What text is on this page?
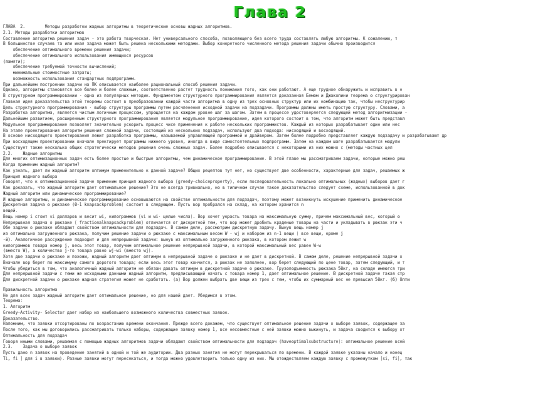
Глава 2
ГЛАВА  2.        Методы разработки жадных алгоритмы в теоретические основы жадных алгоритмов.
2.1. Методы разработки алгоритмов
Составление алгоритма решения задач - это работа творческая. Нет универсального способа, позволяющего без всего труда составлять любую алгоритмы. К сожалению, т
В большинстве случаев та или иная задача может быть решена несколькими методами. Выбор конкретного численного метода решения задачи обычно производится
обеспечение оптимального времени решения задачи;
обеспечение оптимального использования имеющихся ресурсов
(памяти);
обеспечение требуемой точности вычислений;
минимальные стоимостные затраты;
возможность использования стандартных подпрограмм.
При дальнейшем построении задачи на ПК описывается наиболее рациональный способ решения задачи.
Однако, алгоритмы становятся все более и более сложным, соответственно растет трудность понимания того, как они работают. А еще трудное обнаружить и исправить в н
В структурном программировании - одна из популярных методик. Фундаментом структурного программирования является доказанная Бемом и Джакопини теорема о структурирован
Главная идея доказательства этой теоремы состоит в преобразовании каждой части алгоритма в одну из трех основных структур или их комбинацию так, чтобы неструктурир
Цель структурного программирования - выбор структуры программы путем расчленения исходной задачи на подзадачи. Программы должны иметь простую структуру. Словами, а
Разработка алгоритма, является чистым логичным процессом, упрощается на каждом уровне шаг за шагом. Затем в процессе удостоверяется следующей метод алгоритмизации -
Дальнейшим развитием, расширенным структурного программирования является модульное программирование, идея которого состоит в том, что алгоритм может быть представл
Модульное программирование позволяет значительно ускорить процесс чисе применения к работе нескольких программистов. Каждый из которых разрабатывает один или нес
На этапе проектирования алгоритм решения сложной задачи, состоящий из нескольких подзадач, используют два подхода: нисходящий и восходящий.
В основе нисходящего проектирования лежит разработка программы, называемой управляющей программой и драйвером. Затем более подробно представляет каждую подзадачу и разрабатывают др
При восходящем проектировании вначале пректирует программы нижнего уровня, иногда в виде самостоятельных подпрограмм. Затем на каждом шаге разрабатывается модули
Существует также несколько общих стратегически методов решения очень сложных задач. Более подробно описывается с некоторыми из них можно с (методы частных цел
2.2.    Жадные алгоритмы
Для многих оптимизационных задач есть более простые и быстрые алгоритмы, чем динамическое программирование. В этой главе мы рассматриваем задачи, которые можно реш
Когда применим жадный алгоритм?
Как узнать, дает ли жадный алгоритм оптимум применительно к данной задаче? Общих рецептов тут нет, но существует две особенности, характерные для задач, решаемых ж
Принцип жадного выбора
Говорят, что к оптимизационной задаче применим принцип жадного выбора (greedy-choiceproperty), если последовательность локально оптимальных (жадных) выборов дает г
Как доказать, что жадный алгоритм дает оптимальное решение? Это не всегда тривиально, но в типичном случае такое доказательство следует схеме, использованной в док
Жадный алгоритм или динамическое программирование?
И жадные алгоритмы, и динамическое программирование основываются на свойстве оптимальности для подзадач, поэтому может возникнуть искушение применить динамическое
Дискретная задача о рюкзаке (0-1 knapsackproblem) состоит в следующем. Пусть вор пробрался на склад, на котором хранится n
вещей.
Вещь номер i стоит vi долларов и весит wi, килограммов (vi и wi- целые числа). Вор хочет украсть товара на максимальную сумму, причем максимальный вес, который о
Непрерывная задача о рюкзаке ( fractionalknapsackproblem) отличается от дискретной тем, что вор может дробить краденые товары на части и укладывать в рюкзак эти ч
Обе задачи о рюкзаке обладают свойством оптимальности для подзадач. В самом деле, рассмотрим дискретную задачу. Вынув вещь номер j
из оптимально загруженного рюкзака, получим решение задачи о рюкзаке с максимальным весом W - wj и набором из n-1 вещи ( все вещи, кроме j
-й). Аналогичное рассуждение подходит и для непрерывной задачи: вынув из оптимально загруженного рюкзака, в котором лежит w
килограммов товара номер j, весь этот товар, получим оптимальное решение непрерывной задачи, в которой максимальный вес равен W-w
(вместо W), а количество j-то товара равно wj-wi (вместо wj).
Хотя две задачи о рюкзаке и похожи, жадный алгоритм дает оптимум в непрерывной задаче о рюкзаке и не дает в дискретной. В самом деле, решение непрерывной задачи о
Вначале вор берет по максимуму самого дорогого товара; если весь этот товар кончится, а рюкзак не заполнен, вор берет следующий по цене товар, затем следующий, и т
Чтобы убедиться в том, что аналогичный жадный алгоритм не обязан давать оптимум в дискретной задаче о рюкзаке. Грузоподъемность рюкзака 50кг, на складе имеются три
Для непрерывной задачи с теми же исходными данными жадный алгоритм, предписывающий начать с товара номер 1, дает оптимальное решение. В дискретной задаче такая стр
Для дискретной задачи о рюкзаке жадная стратегия может не сработать. (а) Вор должен выбрать две вещи из трех с тем, чтобы их суммарный вес не превысил 50кг. (б) Опти
Правильность алгоритма
Не для всех задач жадный алгоритм дает оптимальное решение, но для нашей дает. Убедимся в этом.
Теорема:
1. Алгоритм
Greedy-Activity- Selector дает набор из наибольшего возможного количества совместных заявок.
Доказательство.
Напомним, что заявки отсортированы по возрастанию времени окончания. Прежде всего докажем, что существует оптимальное решение задачи о выборе заявок, содержащее за
После того, как мы договорились рассматривать только наборы, содержащие заявку номер 1, все несовместные с ней заявки можно выкинуть, и задача сводится к выбору от
Оптимальность для подзадач
Говоря иными словами, решаемая с помощью жадных алгоритмов задачи обладают свойством оптимальности для подзадач (haveoptimalsubstructure): оптимальное решение всей
2.3.    Задача о выборе заявок
Пусть дано n заявок на проведение занятий в одной и той же аудитории. Два разных занятия не могут перекрываться по времени. В каждой заявке указаны начало и конец
Ti, fi ] для i в заявки). Разные заявки могут пересекаться, и тогда можно удовлетворить только одну из них. Мы отождествляем каждую заявку с промежутком [si, fi], так
